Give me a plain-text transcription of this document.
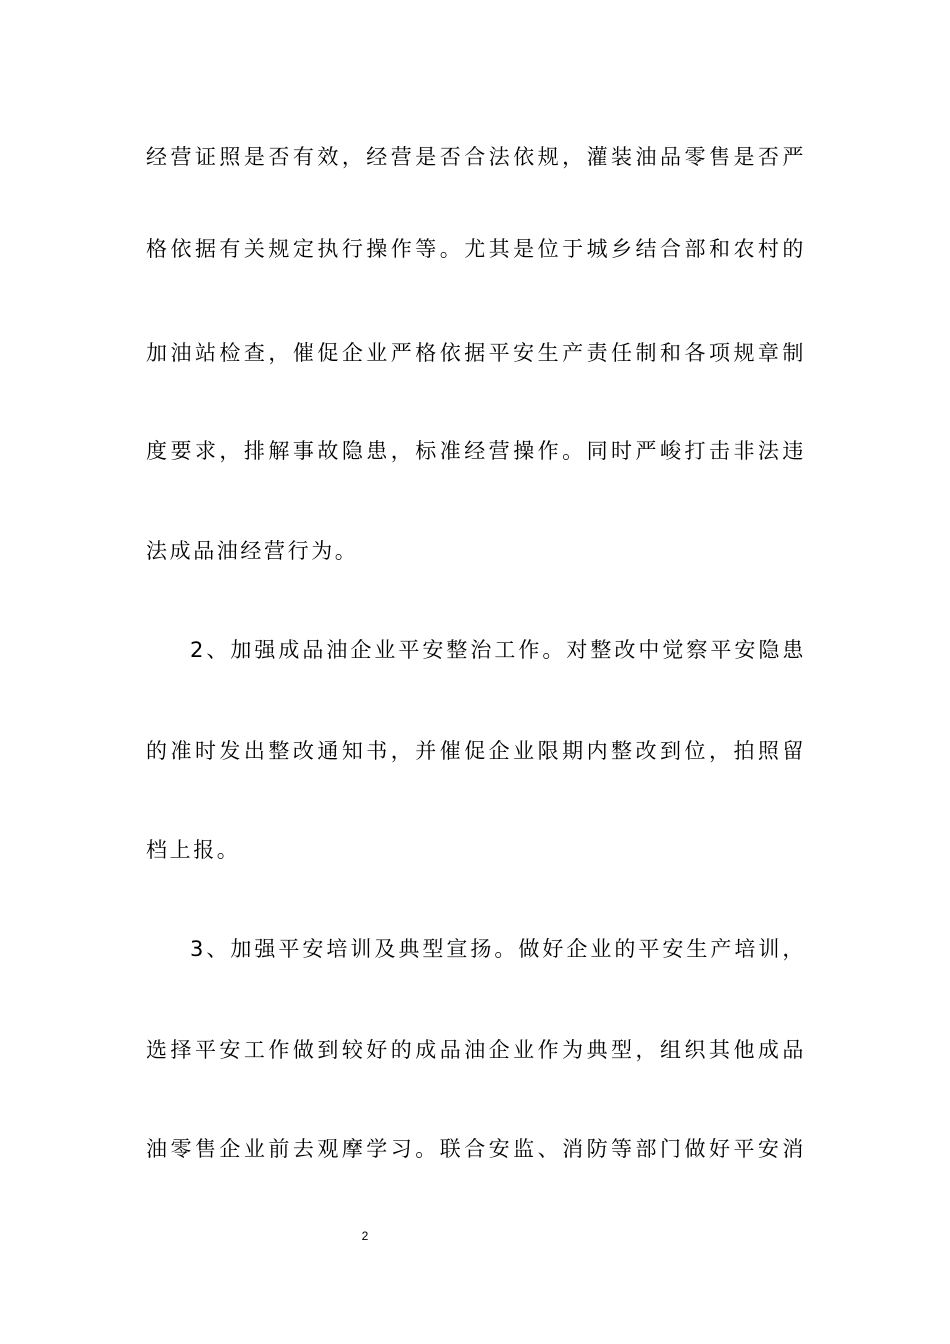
经营证照是否有效，经营是否合法依规，灌装油品零售是否严
格依据有关规定执行操作等。尤其是位于城乡结合部和农村的
加油站检查，催促企业严格依据平安生产责任制和各项规章制
度要求，排解事故隐患，标准经营操作。同时严峻打击非法违
法成品油经营行为。
2、加强成品油企业平安整治工作。对整改中觉察平安隐患
的准时发出整改通知书，并催促企业限期内整改到位，拍照留
档上报。
3、加强平安培训及典型宣扬。做好企业的平安生产培训，
选择平安工作做到较好的成品油企业作为典型，组织其他成品
油零售企业前去观摩学习。联合安监、消防等部门做好平安消
2
